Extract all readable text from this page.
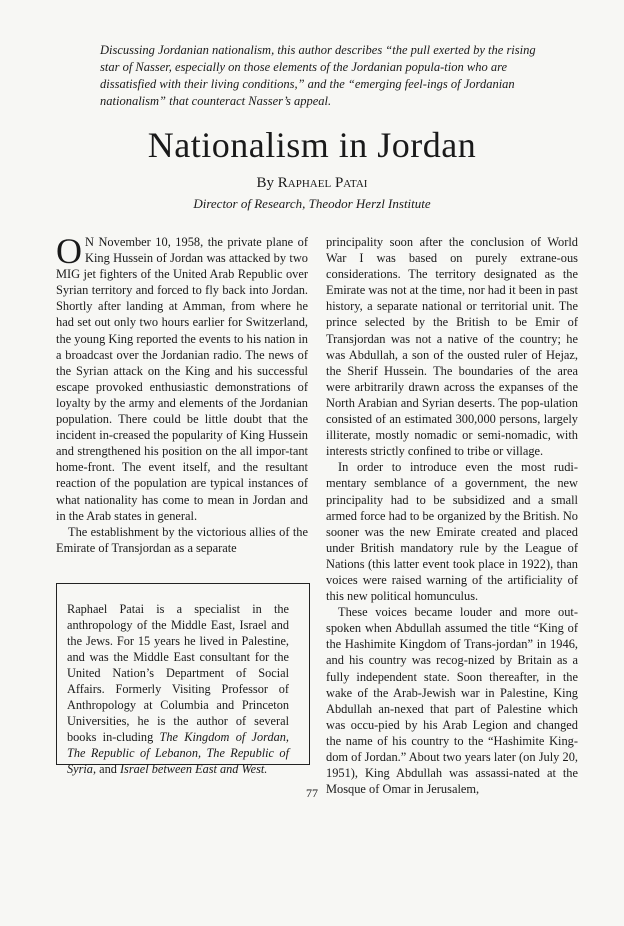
Discussing Jordanian nationalism, this author describes “the pull exerted by the rising star of Nasser, especially on those elements of the Jordanian popula-tion who are dissatisfied with their living conditions,” and the “emerging feel-ings of Jordanian nationalism” that counteract Nasser’s appeal.

Nationalism in Jordan
By Raphael Patai
Director of Research, Theodor Herzl Institute

O N November 10, 1958, the private plane of King Hussein of Jordan was attacked by two MIG jet fighters of the United Arab Republic over Syrian territory and forced to fly back into Jordan. Shortly after landing at Amman, from where he had set out only two hours earlier for Switzerland, the young King reported the events to his nation in a broadcast over the Jordanian radio. The news of the Syrian attack on the King and his successful escape provoked enthusiastic demonstrations of loyalty by the army and elements of the Jordanian population. There could be little doubt that the incident in-creased the popularity of King Hussein and strengthened his position on the all impor-tant home-front. The event itself, and the resultant reaction of the population are typical instances of what nationality has come to mean in Jordan and in the Arab states in general.

The establishment by the victorious allies of the Emirate of Transjordan as a separate

Raphael Patai is a specialist in the anthropology of the Middle East, Israel and the Jews. For 15 years he lived in Palestine, and was the Middle East consultant for the United Nation’s Department of Social Affairs. Formerly Visiting Professor of Anthropology at Columbia and Princeton Universities, he is the author of several books in-cluding The Kingdom of Jordan, The Republic of Lebanon, The Republic of Syria, and Israel between East and West.

principality soon after the conclusion of World War I was based on purely extrane-ous considerations. The territory designated as the Emirate was not at the time, nor had it been in past history, a separate national or territorial unit. The prince selected by the British to be Emir of Transjordan was not a native of the country; he was Abdullah, a son of the ousted ruler of Hejaz, the Sherif Hussein. The boundaries of the area were arbitrarily drawn across the expanses of the North Arabian and Syrian deserts. The pop-ulation consisted of an estimated 300,000 persons, largely illiterate, mostly nomadic or semi-nomadic, with interests strictly confined to tribe or village.

In order to introduce even the most rudi-mentary semblance of a government, the new principality had to be subsidized and a small armed force had to be organized by the British. No sooner was the new Emirate created and placed under British mandatory rule by the League of Nations (this latter event took place in 1922), than voices were raised warning of the artificiality of this new political homunculus.

These voices became louder and more out-spoken when Abdullah assumed the title “King of the Hashimite Kingdom of Trans-jordan” in 1946, and his country was recog-nized by Britain as a fully independent state. Soon thereafter, in the wake of the Arab-Jewish war in Palestine, King Abdullah an-nexed that part of Palestine which was occu-pied by his Arab Legion and changed the name of his country to the “Hashimite King-dom of Jordan.” About two years later (on July 20, 1951), King Abdullah was assassi-nated at the Mosque of Omar in Jerusalem,

77
